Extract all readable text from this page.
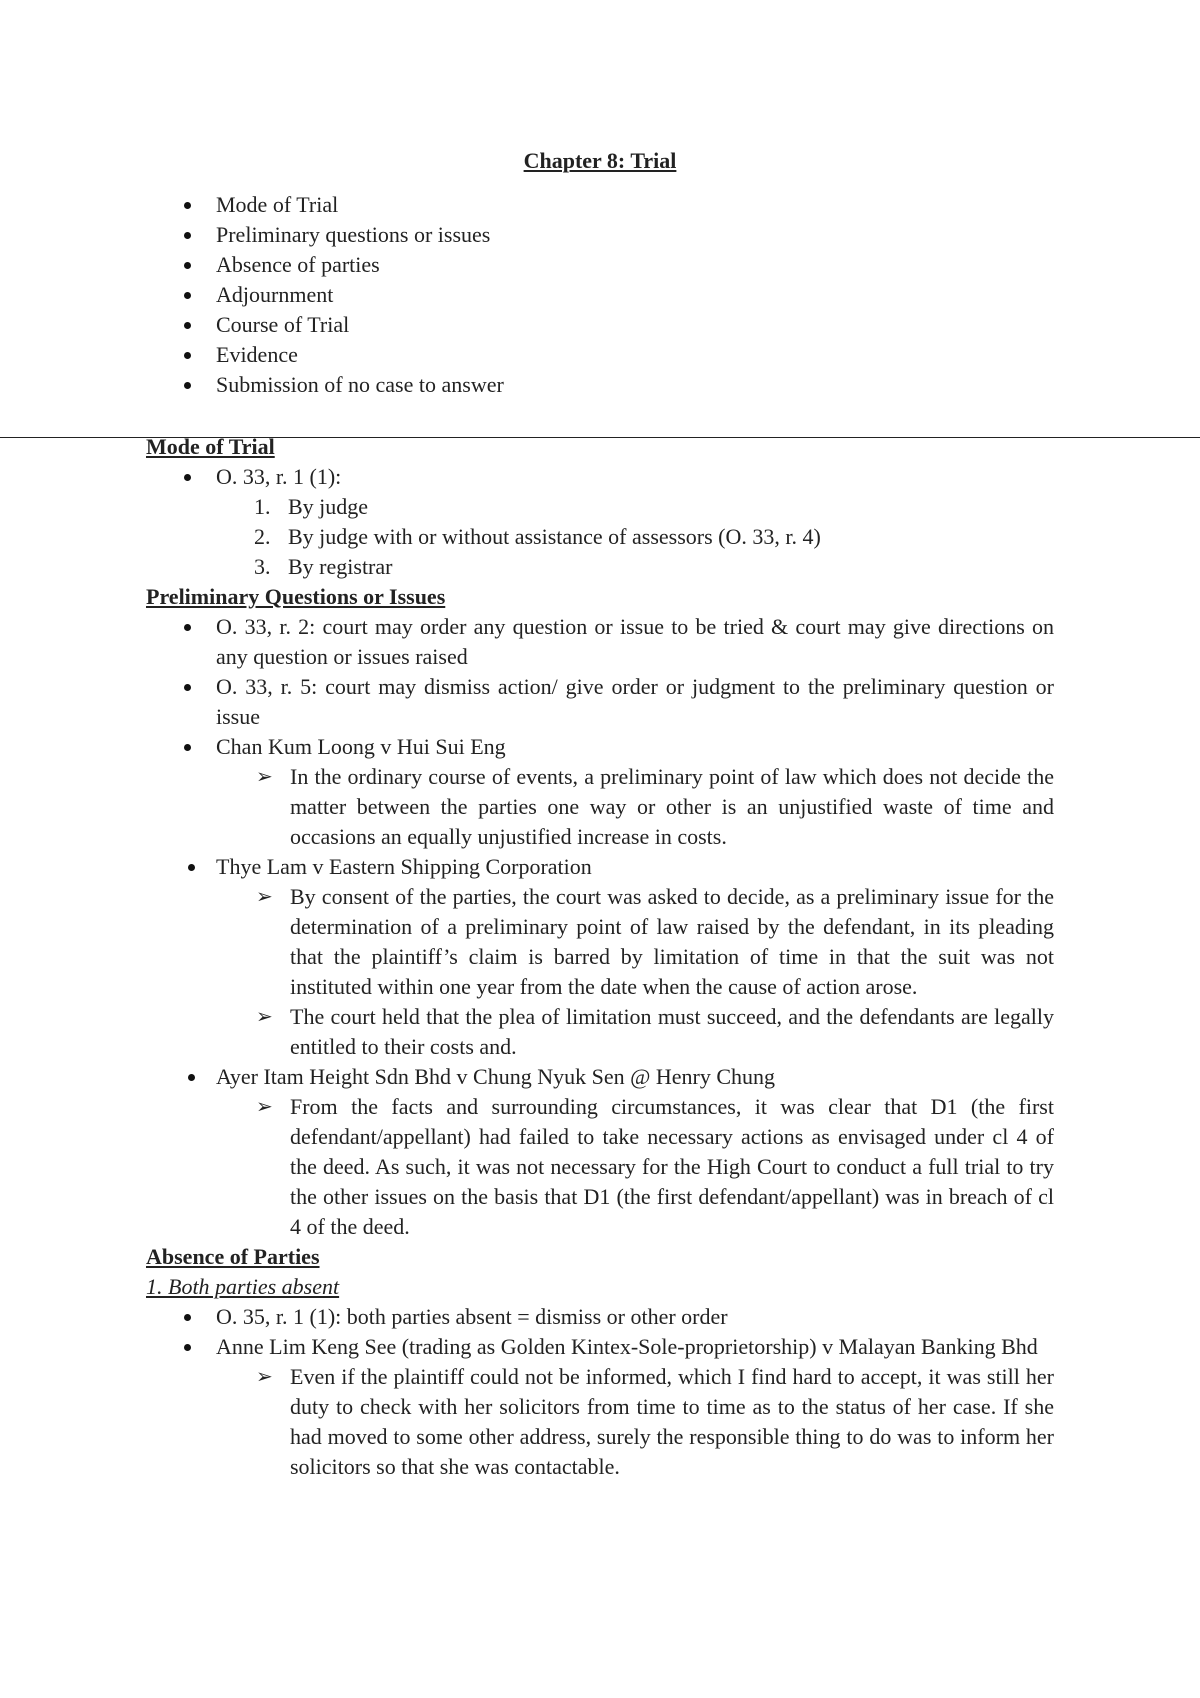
Chapter 8: Trial
Mode of Trial
Preliminary questions or issues
Absence of parties
Adjournment
Course of Trial
Evidence
Submission of no case to answer

Mode of Trial

O. 33, r. 1 (1):
1. By judge
2. By judge with or without assistance of assessors (O. 33, r. 4)
3. By registrar

Preliminary Questions or Issues

O. 33, r. 2: court may order any question or issue to be tried & court may give directions on any question or issues raised
O. 33, r. 5: court may dismiss action/ give order or judgment to the preliminary question or issue
Chan Kum Loong v Hui Sui Eng
➢ In the ordinary course of events, a preliminary point of law which does not decide the matter between the parties one way or other is an unjustified waste of time and occasions an equally unjustified increase in costs.
Thye Lam v Eastern Shipping Corporation
➢ By consent of the parties, the court was asked to decide, as a preliminary issue for the determination of a preliminary point of law raised by the defendant, in its pleading that the plaintiff’s claim is barred by limitation of time in that the suit was not instituted within one year from the date when the cause of action arose.
➢ The court held that the plea of limitation must succeed, and the defendants are legally entitled to their costs and.
Ayer Itam Height Sdn Bhd v Chung Nyuk Sen @ Henry Chung
➢ From the facts and surrounding circumstances, it was clear that D1 (the first defendant/appellant) had failed to take necessary actions as envisaged under cl 4 of the deed. As such, it was not necessary for the High Court to conduct a full trial to try the other issues on the basis that D1 (the first defendant/appellant) was in breach of cl 4 of the deed.

Absence of Parties

1. Both parties absent

O. 35, r. 1 (1): both parties absent = dismiss or other order
Anne Lim Keng See (trading as Golden Kintex-Sole-proprietorship) v Malayan Banking Bhd
➢ Even if the plaintiff could not be informed, which I find hard to accept, it was still her duty to check with her solicitors from time to time as to the status of her case. If she had moved to some other address, surely the responsible thing to do was to inform her solicitors so that she was contactable.
